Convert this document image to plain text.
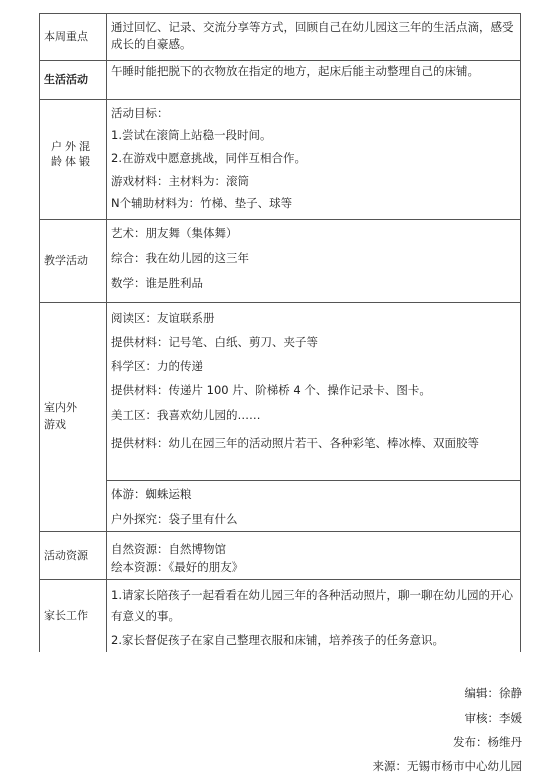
本周重点
通过回忆、记录、交流分享等方式，回顾自己在幼儿园这三年的生活点滴，感受成长的自豪感。
生活活动
午睡时能把脱下的衣物放在指定的地方，起床后能主动整理自己的床铺。
户外混龄体锻
活动目标：
1.尝试在滚筒上站稳一段时间。
2.在游戏中愿意挑战，同伴互相合作。
游戏材料：主材料为：滚筒
N个辅助材料为：竹梯、垫子、球等
教学活动
艺术：朋友舞（集体舞）
综合：我在幼儿园的这三年
数学：谁是胜利品
室内外游戏
阅读区：友谊联系册
提供材料：记号笔、白纸、剪刀、夹子等
科学区：力的传递
提供材料：传递片 100 片、阶梯桥 4 个、操作记录卡、图卡。
美工区：我喜欢幼儿园的……
提供材料：幼儿在园三年的活动照片若干、各种彩笔、棒冰棒、双面胶等
体游：蜘蛛运粮
户外探究：袋子里有什么
活动资源	自然资源：自然博物馆
绘本资源：《最好的朋友》
家长工作
1.请家长陪孩子一起看看在幼儿园三年的各种活动照片，聊一聊在幼儿园的开心有意义的事。
2.家长督促孩子在家自己整理衣服和床铺，培养孩子的任务意识。
编辑：徐静
审核：李媛
发布：杨维丹
来源：无锡市杨市中心幼儿园
